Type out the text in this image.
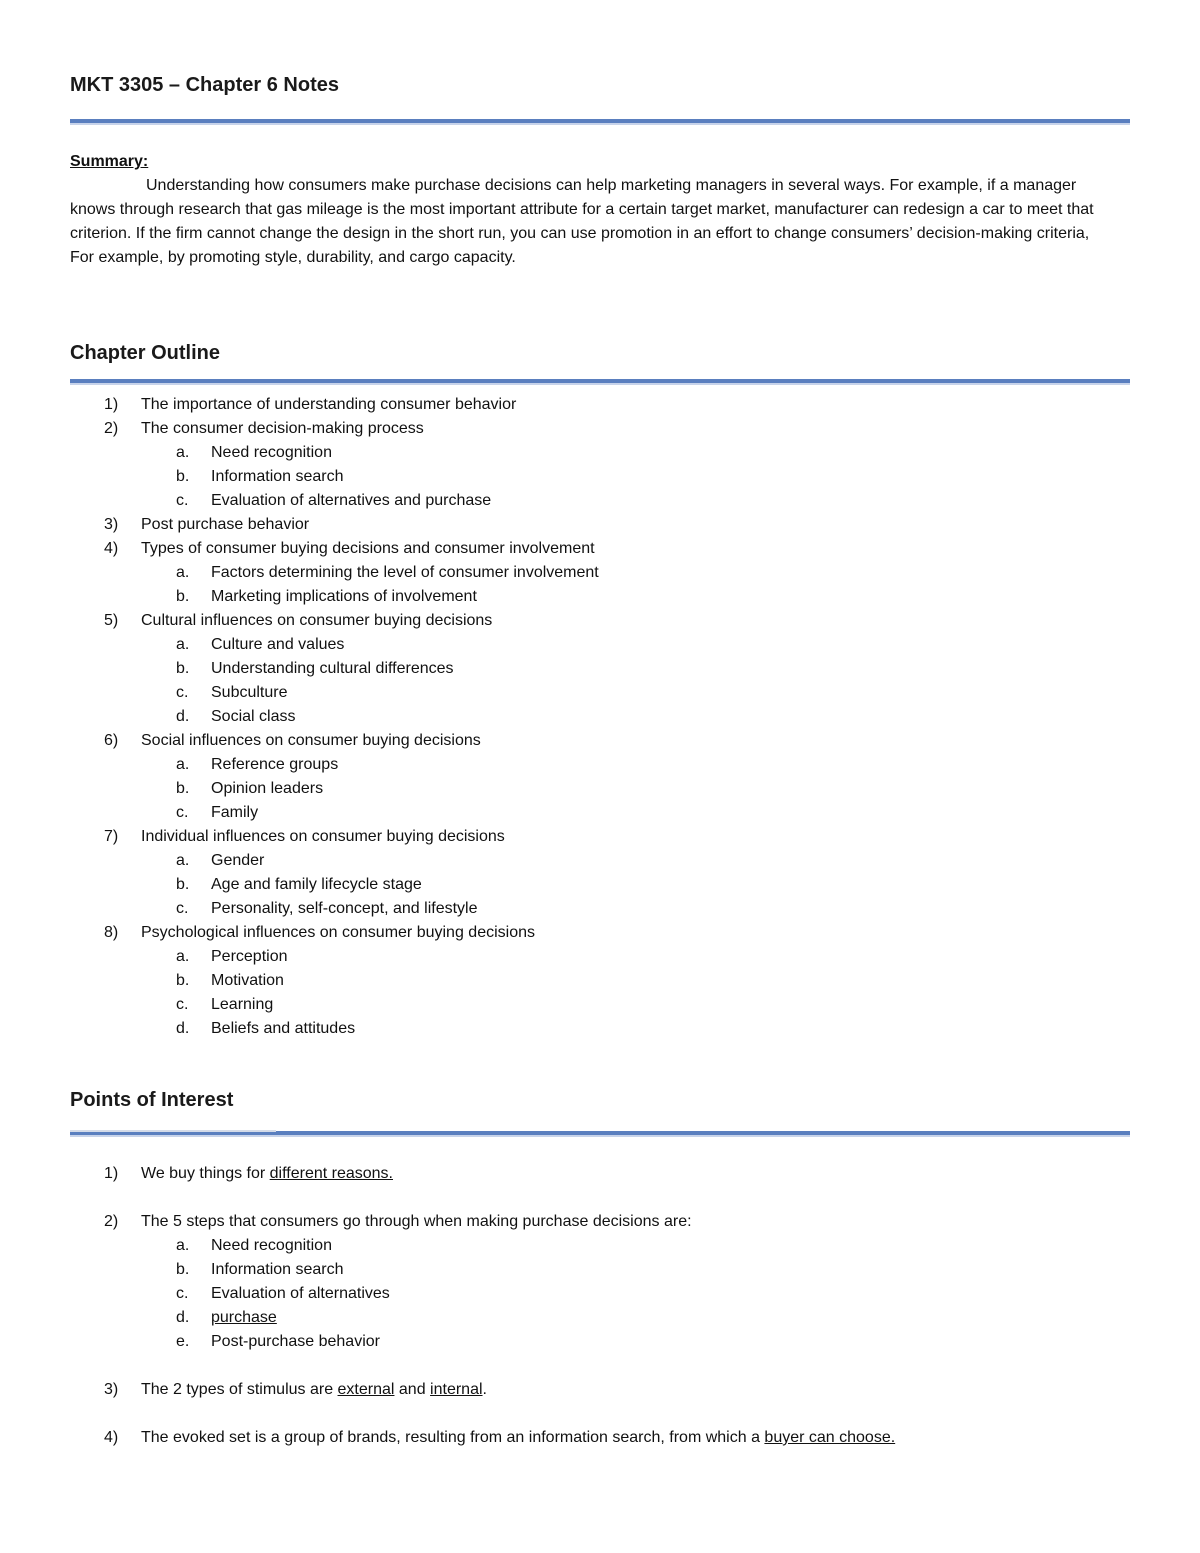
MKT 3305 – Chapter 6 Notes
Summary:

Understanding how consumers make purchase decisions can help marketing managers in several ways. For example, if a manager knows through research that gas mileage is the most important attribute for a certain target market, manufacturer can redesign a car to meet that criterion. If the firm cannot change the design in the short run, you can use promotion in an effort to change consumers’ decision-making criteria, For example, by promoting style, durability, and cargo capacity.

Chapter Outline
1)	The importance of understanding consumer behavior
2)	The consumer decision-making process
a.	Need recognition
b.	Information search
c.	Evaluation of alternatives and purchase
3)	Post purchase behavior
4)	Types of consumer buying decisions and consumer involvement
a.	Factors determining the level of consumer involvement
b.	Marketing implications of involvement
5)	Cultural influences on consumer buying decisions
a.	Culture and values
b.	Understanding cultural differences
c.	Subculture
d.	Social class
6)	Social influences on consumer buying decisions
a.	Reference groups
b.	Opinion leaders
c.	Family
7)	Individual influences on consumer buying decisions
a.	Gender
b.	Age and family lifecycle stage
c.	Personality, self-concept, and lifestyle
8)	Psychological influences on consumer buying decisions
a.	Perception
b.	Motivation
c.	Learning
d.	Beliefs and attitudes
Points of Interest
1)	We buy things for different reasons.
2)	The 5 steps that consumers go through when making purchase decisions are:
a.	Need recognition
b.	Information search
c.	Evaluation of alternatives
d.	purchase
e.	Post-purchase behavior
3)	The 2 types of stimulus are external and internal.
4)	The evoked set is a group of brands, resulting from an information search, from which a buyer can choose.
